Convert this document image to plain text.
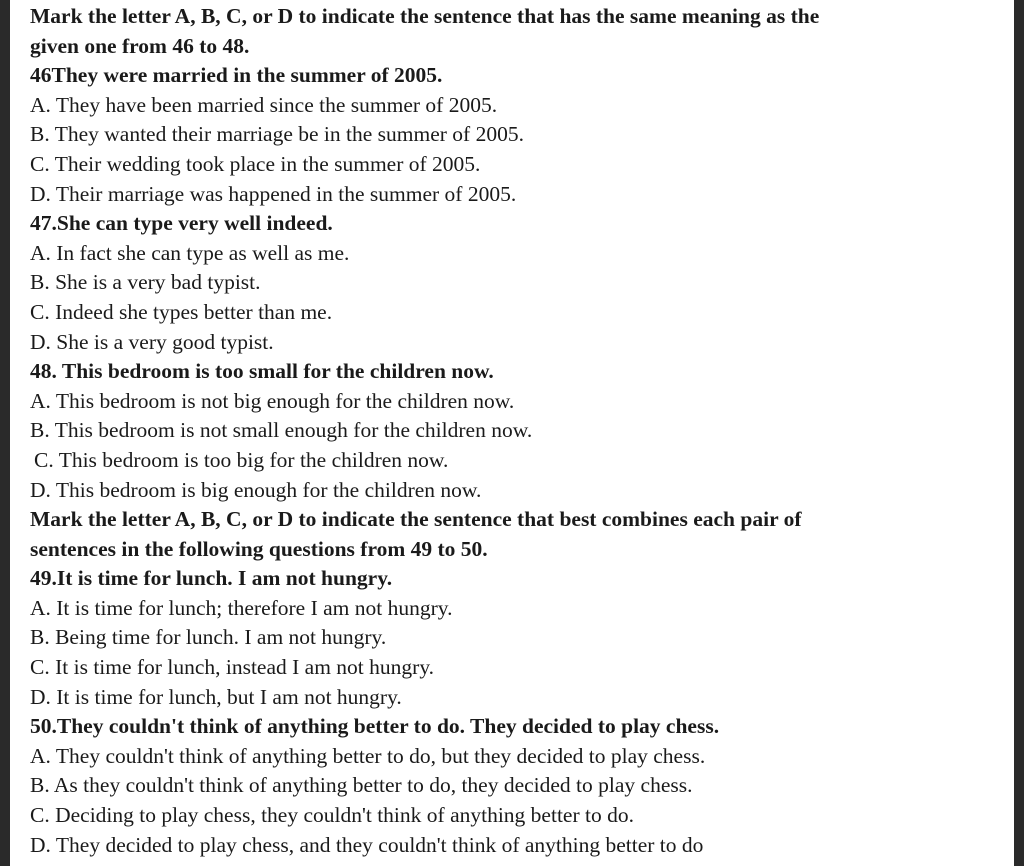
Mark the letter A, B, C, or D to indicate the sentence that has the same meaning as the
given one from 46 to 48.
46They were married in the summer of 2005.
A. They have been married since the summer of 2005.
B. They wanted their marriage be in the summer of 2005.
C. Their wedding took place in the summer of 2005.
D. Their marriage was happened in the summer of 2005.
47.She can type very well indeed.
A. In fact she can type as well as me.
B. She is a very bad typist.
C. Indeed she types better than me.
D. She is a very good typist.
48. This bedroom is too small for the children now.
A. This bedroom is not big enough for the children now.
B. This bedroom is not small enough for the children now.
C. This bedroom is too big for the children now.
D. This bedroom is big enough for the children now.
Mark the letter A, B, C, or D to indicate the sentence that best combines each pair of
sentences in the following questions from 49 to 50.
49.It is time for lunch. I am not hungry.
A. It is time for lunch; therefore I am not hungry.
B. Being time for lunch. I am not hungry.
C. It is time for lunch, instead I am not hungry.
D. It is time for lunch, but I am not hungry.
50.They couldn't think of anything better to do. They decided to play chess.
A. They couldn't think of anything better to do, but they decided to play chess.
B. As they couldn't think of anything better to do, they decided to play chess.
C. Deciding to play chess, they couldn't think of anything better to do.
D. They decided to play chess, and they couldn't think of anything better to do
